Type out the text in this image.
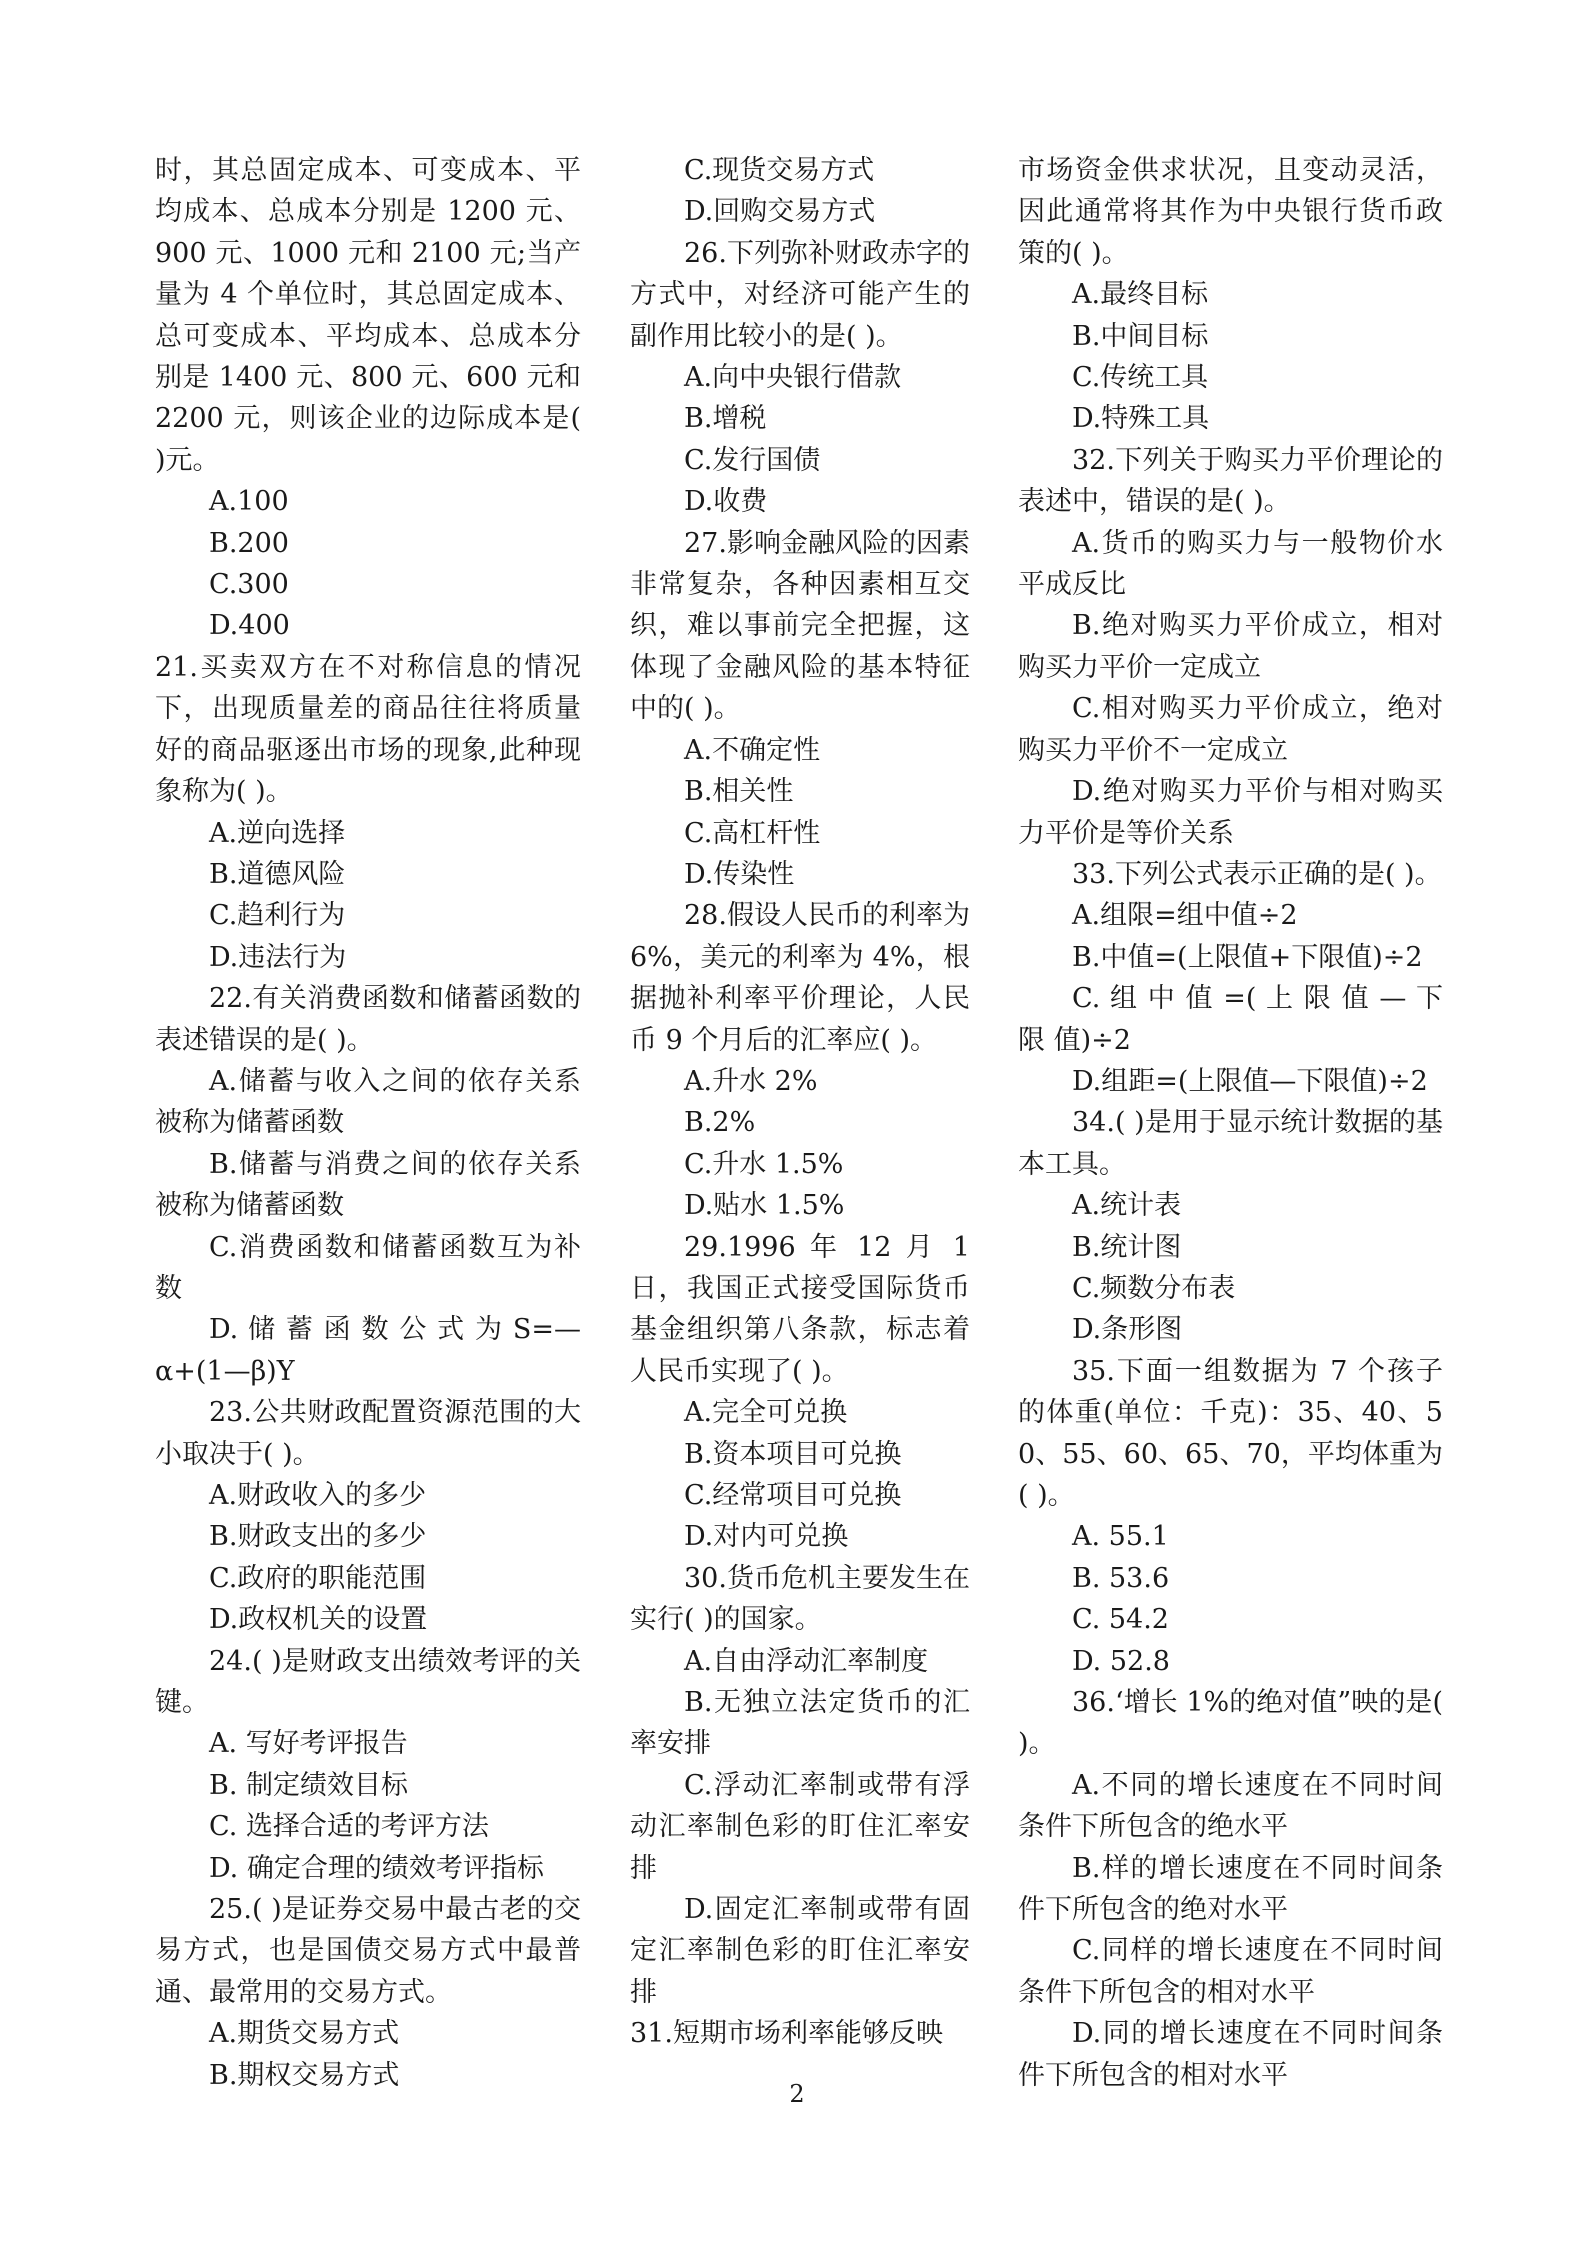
时，其总固定成本、可变成本、平均成本、总成本分别是 1200 元、900 元、1000 元和 2100 元;当产量为 4 个单位时，其总固定成本、总可变成本、平均成本、总成本分别是 1400 元、800 元、600 元和 2200 元，则该企业的边际成本是( )元。

A.100

B.200

C.300

D.400

21.买卖双方在不对称信息的情况下，出现质量差的商品往往将质量好的商品驱逐出市场的现象,此种现象称为( )。

A.逆向选择

B.道德风险

C.趋利行为

D.违法行为

22.有关消费函数和储蓄函数的表述错误的是( )。

A.储蓄与收入之间的依存关系被称为储蓄函数

B.储蓄与消费之间的依存关系被称为储蓄函数

C.消费函数和储蓄函数互为补数

D. 储 蓄 函 数 公 式 为 S=—α+(1—β)Y

23.公共财政配置资源范围的大小取决于( )。

A.财政收入的多少

B.财政支出的多少

C.政府的职能范围

D.政权机关的设置

24.( )是财政支出绩效考评的关键。

A. 写好考评报告

B. 制定绩效目标

C. 选择合适的考评方法

D. 确定合理的绩效考评指标

25.( )是证券交易中最古老的交易方式，也是国债交易方式中最普通、最常用的交易方式。

A.期货交易方式

B.期权交易方式

C.现货交易方式

D.回购交易方式

26.下列弥补财政赤字的方式中，对经济可能产生的副作用比较小的是( )。

A.向中央银行借款

B.增税

C.发行国债

D.收费

27.影响金融风险的因素非常复杂，各种因素相互交织，难以事前完全把握，这体现了金融风险的基本特征中的( )。

A.不确定性

B.相关性

C.高杠杆性

D.传染性

28.假设人民币的利率为 6%，美元的利率为 4%，根据抛补利率平价理论，人民币 9 个月后的汇率应( )。

A.升水 2%

B.2%

C.升水 1.5%

D.贴水 1.5%

29.1996 年 12 月 1 日，我国正式接受国际货币基金组织第八条款，标志着人民币实现了( )。

A.完全可兑换

B.资本项目可兑换

C.经常项目可兑换

D.对内可兑换

30.货币危机主要发生在实行( )的国家。

A.自由浮动汇率制度

B.无独立法定货币的汇率安排

C.浮动汇率制或带有浮动汇率制色彩的盯住汇率安排

D.固定汇率制或带有固定汇率制色彩的盯住汇率安排

31.短期市场利率能够反映

市场资金供求状况，且变动灵活，因此通常将其作为中央银行货币政策的( )。

A.最终目标

B.中间目标

C.传统工具

D.特殊工具

32.下列关于购买力平价理论的表述中，错误的是( )。

A.货币的购买力与一般物价水平成反比

B.绝对购买力平价成立，相对购买力平价一定成立

C.相对购买力平价成立，绝对购买力平价不一定成立

D.绝对购买力平价与相对购买力平价是等价关系

33.下列公式表示正确的是( )。

A.组限=组中值÷2

B.中值=(上限值+下限值)÷2

C. 组 中 值 =( 上 限 值 — 下 限 值)÷2

D.组距=(上限值—下限值)÷2

34.( )是用于显示统计数据的基本工具。

A.统计表

B.统计图

C.频数分布表

D.条形图

35.下面一组数据为 7 个孩子的体重(单位：千克)：35、40、50、55、60、65、70，平均体重为( )。

A. 55.1

B. 53.6

C. 54.2

D. 52.8

36.‘增长 1%的绝对值”映的是( )。

A.不同的增长速度在不同时间条件下所包含的绝水平

B.样的增长速度在不同时间条件下所包含的绝对水平

C.同样的增长速度在不同时间条件下所包含的相对水平

D.同的增长速度在不同时间条件下所包含的相对水平

2
